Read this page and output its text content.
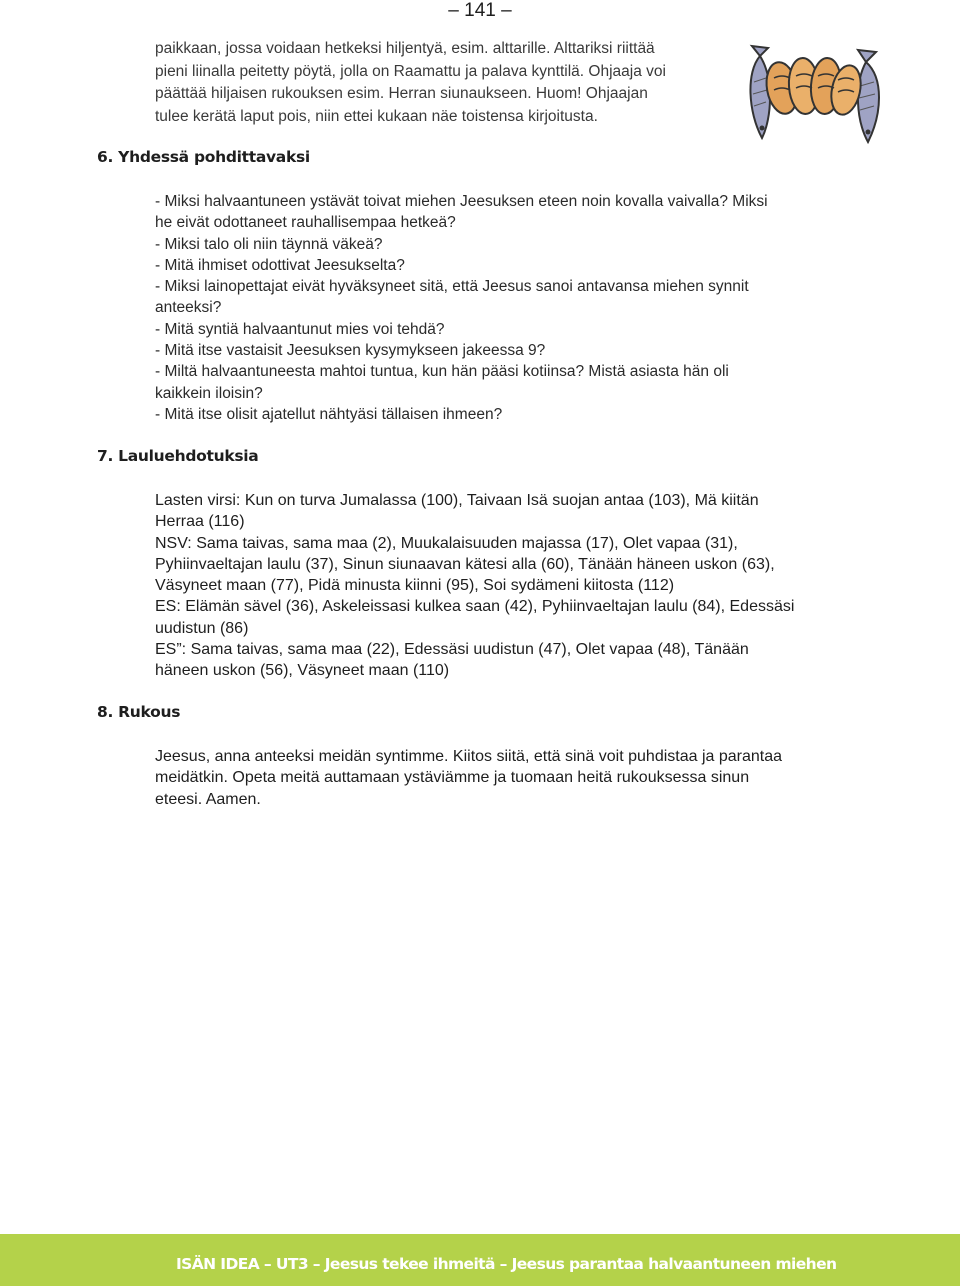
– 141 –

paikkaan, jossa voidaan hetkeksi hiljentyä, esim. alttarille. Alttariksi riittää

pieni liinalla peitetty pöytä, jolla on Raamattu ja palava kynttilä. Ohjaaja voi

päättää hiljaisen rukouksen esim. Herran siunaukseen. Huom! Ohjaajan

tulee kerätä laput pois, niin ettei kukaan näe toistensa kirjoitusta.

6. Yhdessä pohdittavaksi
- Miksi halvaantuneen ystävät toivat miehen Jeesuksen eteen noin kovalla vaivalla? Miksi
he eivät odottaneet rauhallisempaa hetkeä?
- Miksi talo oli niin täynnä väkeä?
- Mitä ihmiset odottivat Jeesukselta?
- Miksi lainopettajat eivät hyväksyneet sitä, että Jeesus sanoi antavansa miehen synnit
anteeksi?
- Mitä syntiä halvaantunut mies voi tehdä?
- Mitä itse vastaisit Jeesuksen kysymykseen jakeessa 9?
- Miltä halvaantuneesta mahtoi tuntua, kun hän pääsi kotiinsa? Mistä asiasta hän oli
kaikkein iloisin?
- Mitä itse olisit ajatellut nähtyäsi tällaisen ihmeen?
7. Lauluehdotuksia

Lasten virsi: Kun on turva Jumalassa (100), Taivaan Isä suojan antaa (103), Mä kiitän

Herraa (116)

NSV: Sama taivas, sama maa (2), Muukalaisuuden majassa (17), Olet vapaa (31),

Pyhiinvaeltajan laulu (37), Sinun siunaavan kätesi alla (60), Tänään häneen uskon (63),

Väsyneet maan (77), Pidä minusta kiinni (95), Soi sydämeni kiitosta (112)

ES: Elämän sävel (36), Askeleissasi kulkea saan (42), Pyhiinvaeltajan laulu (84), Edessäsi

uudistun (86)

ES”: Sama taivas, sama maa (22), Edessäsi uudistun (47), Olet vapaa (48), Tänään

häneen uskon (56), Väsyneet maan (110)

8. Rukous
Jeesus, anna anteeksi meidän syntimme. Kiitos siitä, että sinä voit puhdistaa ja parantaa
meidätkin. Opeta meitä auttamaan ystäviämme ja tuomaan heitä rukouksessa sinun
eteesi. Aamen.
ISÄN IDEA – UT3 – Jeesus tekee ihmeitä – Jeesus parantaa halvaantuneen miehen
